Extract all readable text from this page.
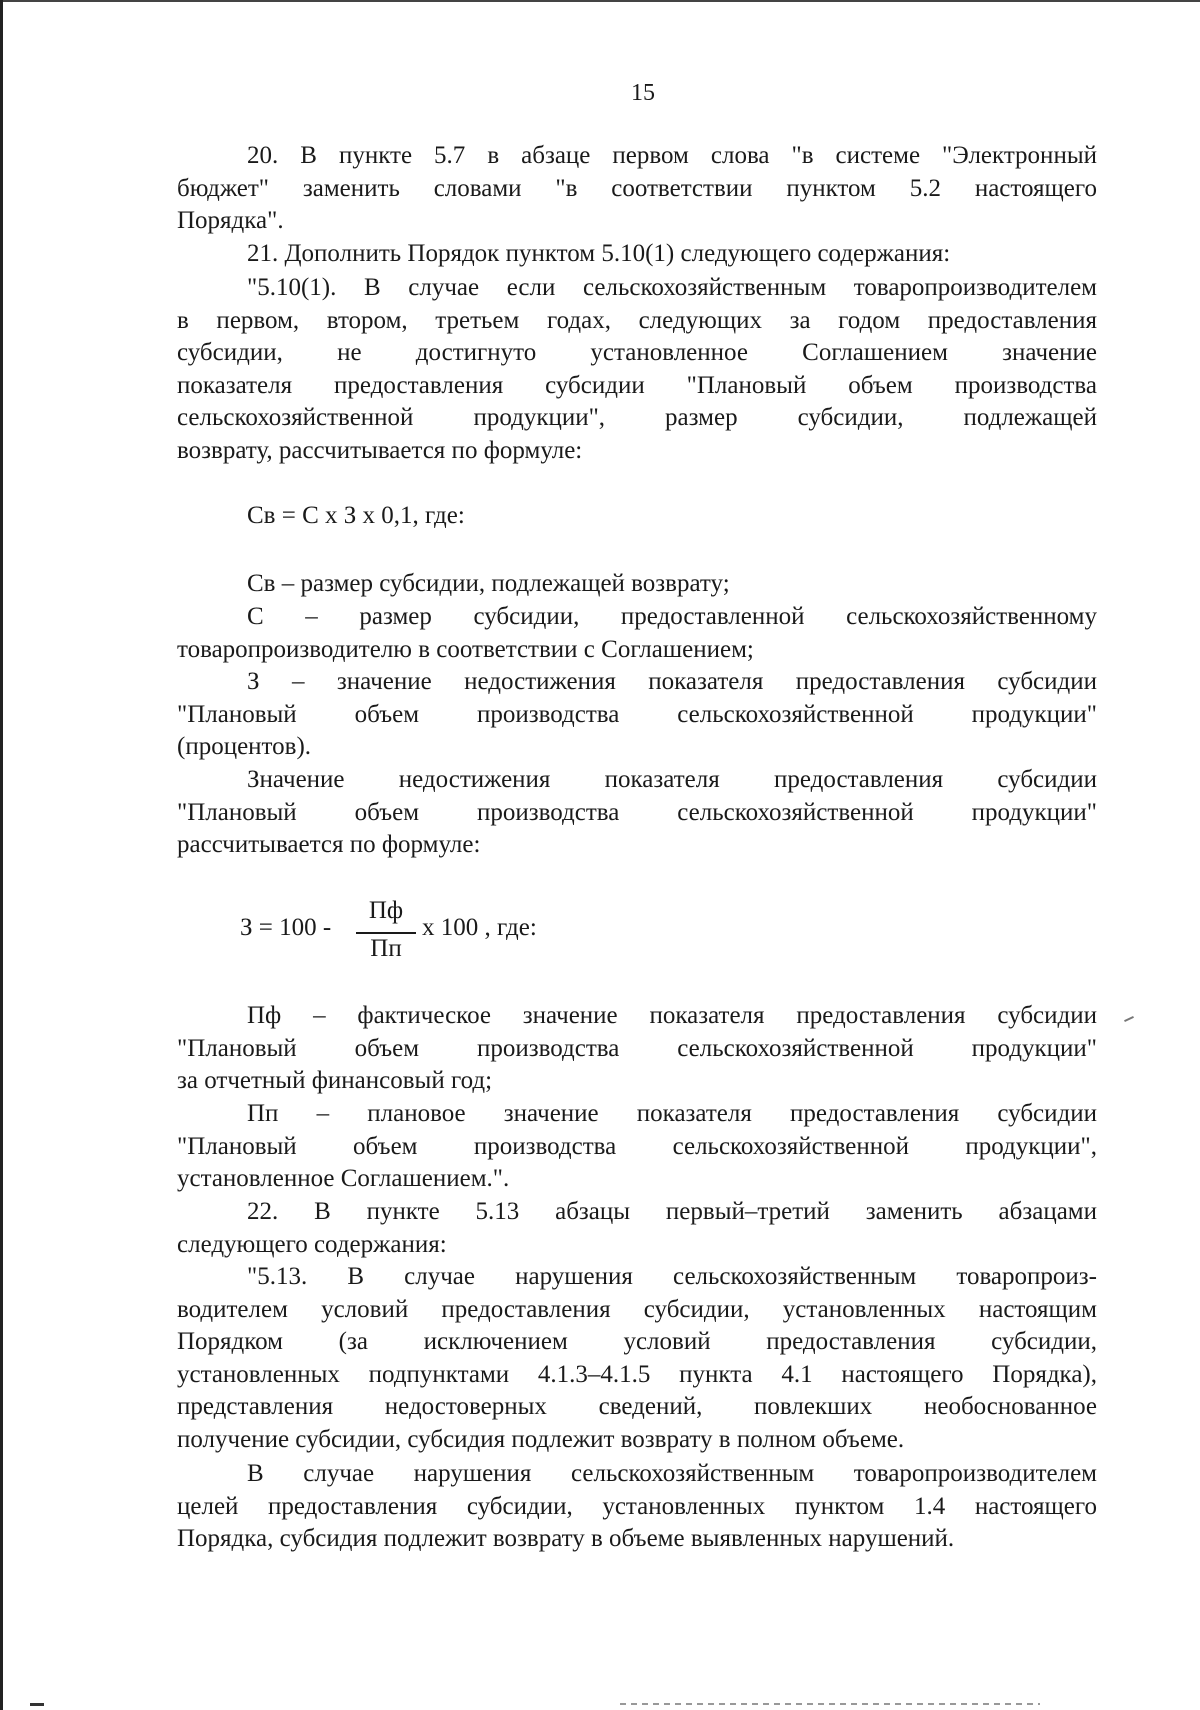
15
20. В пункте 5.7 в абзаце первом слова "в системе "Электронный
бюджет" заменить словами "в соответствии пунктом 5.2 настоящего
Порядка".
21. Дополнить Порядок пунктом 5.10(1) следующего содержания:
"5.10(1). В случае если сельскохозяйственным товаропроизводителем
в первом, втором, третьем годах, следующих за годом предоставления
субсидии, не достигнуто установленное Соглашением значение
показателя предоставления субсидии "Плановый объем производства
сельскохозяйственной продукции", размер субсидии, подлежащей
возврату, рассчитывается по формуле:
Св = С х З х 0,1, где:
Св – размер субсидии, подлежащей возврату;
С – размер субсидии, предоставленной сельскохозяйственному
товаропроизводителю в соответствии с Соглашением;
З – значение недостижения показателя предоставления субсидии
"Плановый объем производства сельскохозяйственной продукции"
(процентов).
Значение недостижения показателя предоставления субсидии
"Плановый объем производства сельскохозяйственной продукции"
рассчитывается по формуле:
З = 100 -
Пф
Пп
х 100 , где:
Пф – фактическое значение показателя предоставления субсидии
"Плановый объем производства сельскохозяйственной продукции"
за отчетный финансовый год;
Пп – плановое значение показателя предоставления субсидии
"Плановый объем производства сельскохозяйственной продукции",
установленное Соглашением.".
22. В пункте 5.13 абзацы первый–третий заменить абзацами
следующего содержания:
"5.13. В случае нарушения сельскохозяйственным товаропроиз-
водителем условий предоставления субсидии, установленных настоящим
Порядком (за исключением условий предоставления субсидии,
установленных подпунктами 4.1.3–4.1.5 пункта 4.1 настоящего Порядка),
представления недостоверных сведений, повлекших необоснованное
получение субсидии, субсидия подлежит возврату в полном объеме.
В случае нарушения сельскохозяйственным товаропроизводителем
целей предоставления субсидии, установленных пунктом 1.4 настоящего
Порядка, субсидия подлежит возврату в объеме выявленных нарушений.
